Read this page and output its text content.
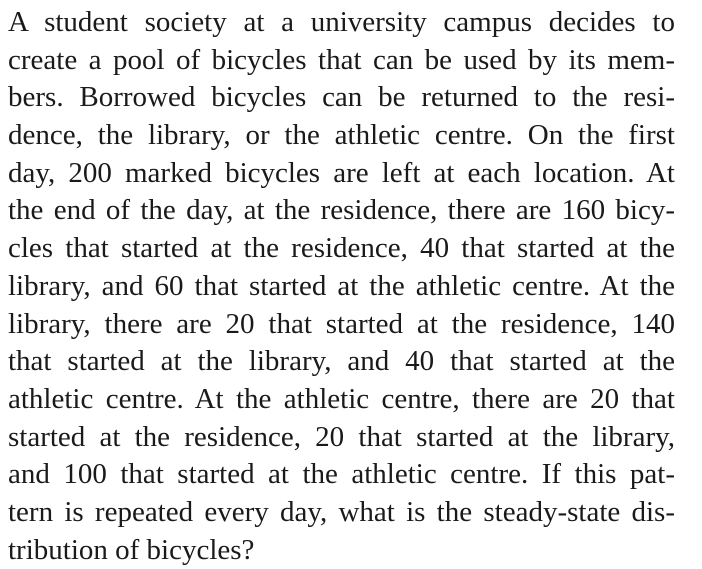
A student society at a university campus decides to
create a pool of bicycles that can be used by its mem-
bers. Borrowed bicycles can be returned to the resi-
dence, the library, or the athletic centre. On the first
day, 200 marked bicycles are left at each location. At
the end of the day, at the residence, there are 160 bicy-
cles that started at the residence, 40 that started at the
library, and 60 that started at the athletic centre. At the
library, there are 20 that started at the residence, 140
that started at the library, and 40 that started at the
athletic centre. At the athletic centre, there are 20 that
started at the residence, 20 that started at the library,
and 100 that started at the athletic centre. If this pat-
tern is repeated every day, what is the steady-state dis-
tribution of bicycles?
